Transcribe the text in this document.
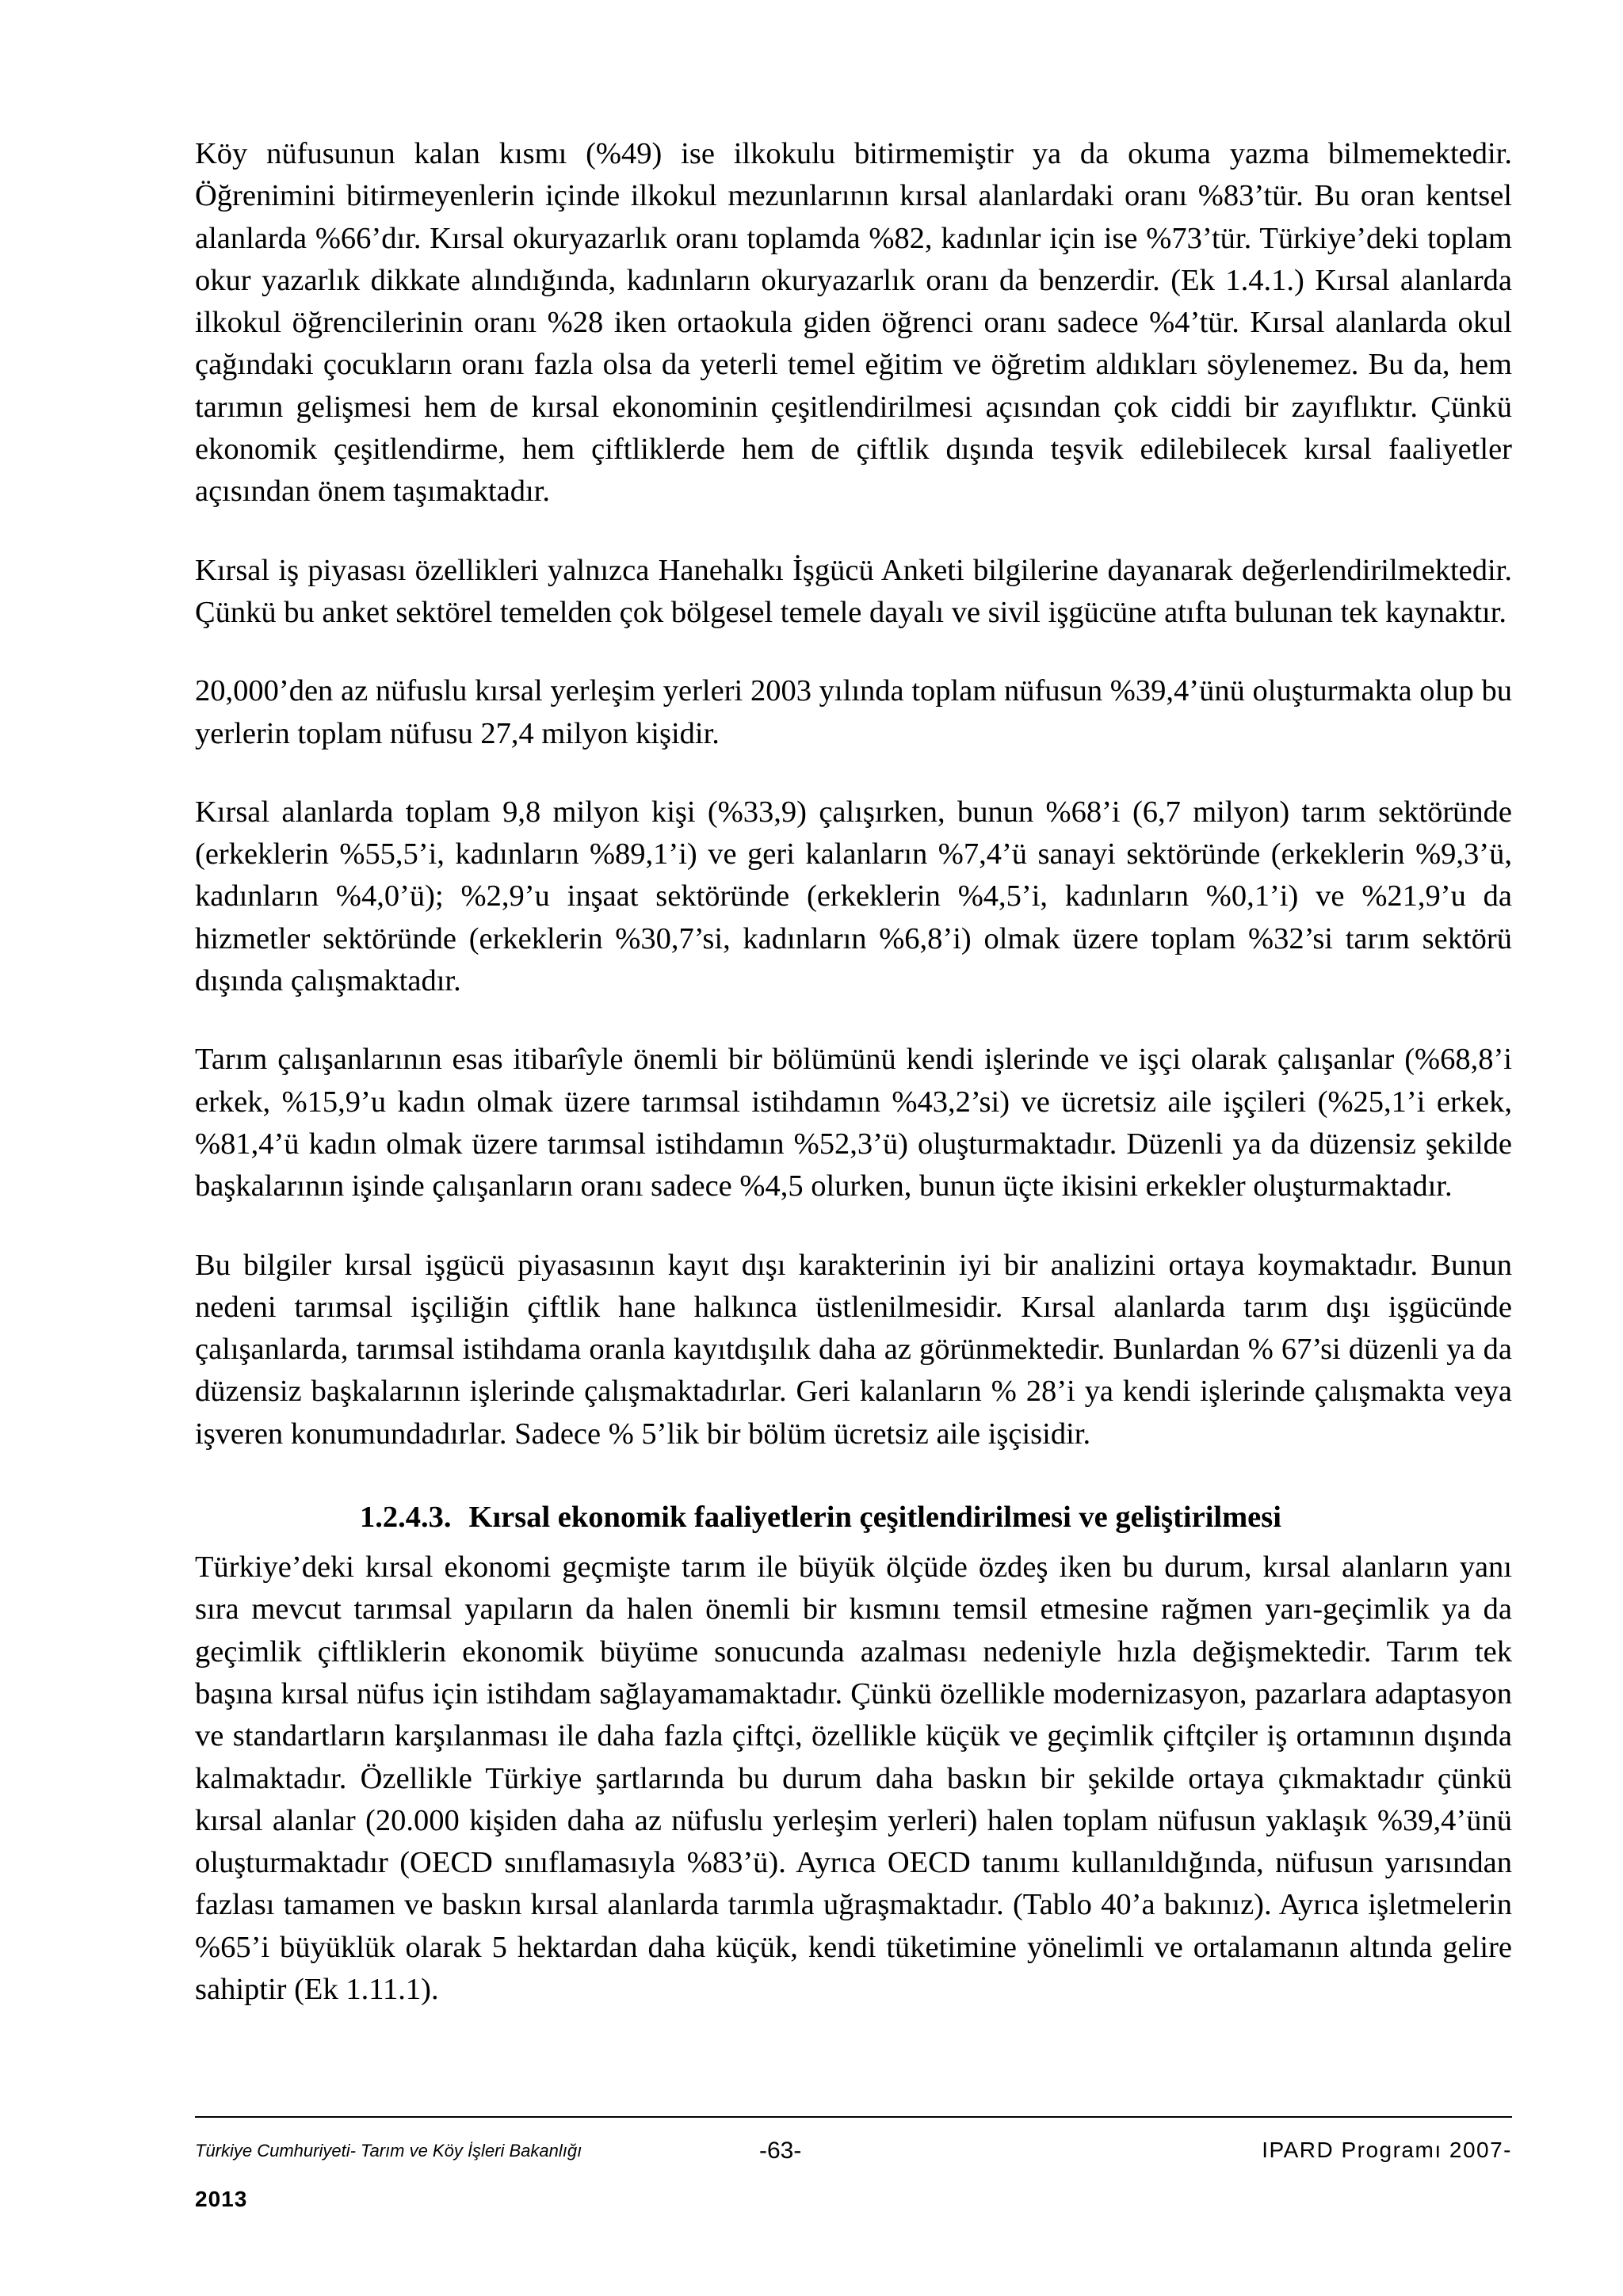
Köy nüfusunun kalan kısmı (%49) ise ilkokulu bitirmemiştir ya da okuma yazma bilmemektedir. Öğrenimini bitirmeyenlerin içinde ilkokul mezunlarının kırsal alanlardaki oranı %83’tür. Bu oran kentsel alanlarda %66’dır. Kırsal okuryazarlık oranı toplamda %82, kadınlar için ise %73’tür. Türkiye’deki toplam okur yazarlık dikkate alındığında, kadınların okuryazarlık oranı da benzerdir. (Ek 1.4.1.) Kırsal alanlarda ilkokul öğrencilerinin oranı %28 iken ortaokula giden öğrenci oranı sadece %4’tür. Kırsal alanlarda okul çağındaki çocukların oranı fazla olsa da yeterli temel eğitim ve öğretim aldıkları söylenemez. Bu da, hem tarımın gelişmesi hem de kırsal ekonominin çeşitlendirilmesi açısından çok ciddi bir zayıflıktır. Çünkü ekonomik çeşitlendirme, hem çiftliklerde hem de çiftlik dışında teşvik edilebilecek kırsal faaliyetler açısından önem taşımaktadır.

Kırsal iş piyasası özellikleri yalnızca Hanehalkı İşgücü Anketi bilgilerine dayanarak değerlendirilmektedir. Çünkü bu anket sektörel temelden çok bölgesel temele dayalı ve sivil işgücüne atıfta bulunan tek kaynaktır.

20,000’den az nüfuslu kırsal yerleşim yerleri 2003 yılında toplam nüfusun %39,4’ünü oluşturmakta olup bu yerlerin toplam nüfusu 27,4 milyon kişidir.

Kırsal alanlarda toplam 9,8 milyon kişi (%33,9) çalışırken, bunun %68’i (6,7 milyon) tarım sektöründe (erkeklerin %55,5’i, kadınların %89,1’i) ve geri kalanların %7,4’ü sanayi sektöründe (erkeklerin %9,3’ü, kadınların %4,0’ü); %2,9’u inşaat sektöründe (erkeklerin %4,5’i, kadınların %0,1’i) ve %21,9’u da hizmetler sektöründe (erkeklerin %30,7’si, kadınların %6,8’i) olmak üzere toplam %32’si tarım sektörü dışında çalışmaktadır.

Tarım çalışanlarının esas itibarîyle önemli bir bölümünü kendi işlerinde ve işçi olarak çalışanlar (%68,8’i erkek, %15,9’u kadın olmak üzere tarımsal istihdamın %43,2’si) ve ücretsiz aile işçileri (%25,1’i erkek, %81,4’ü kadın olmak üzere tarımsal istihdamın %52,3’ü) oluşturmaktadır. Düzenli ya da düzensiz şekilde başkalarının işinde çalışanların oranı sadece %4,5 olurken, bunun üçte ikisini erkekler oluşturmaktadır.

Bu bilgiler kırsal işgücü piyasasının kayıt dışı karakterinin iyi bir analizini ortaya koymaktadır. Bunun nedeni tarımsal işçiliğin çiftlik hane halkınca üstlenilmesidir. Kırsal alanlarda tarım dışı işgücünde çalışanlarda, tarımsal istihdama oranla kayıtdışılık daha az görünmektedir. Bunlardan % 67’si düzenli ya da düzensiz başkalarının işlerinde çalışmaktadırlar. Geri kalanların % 28’i ya kendi işlerinde çalışmakta veya işveren konumundadırlar. Sadece % 5’lik bir bölüm ücretsiz aile işçisidir.

1.2.4.3. Kırsal ekonomik faaliyetlerin çeşitlendirilmesi ve geliştirilmesi

Türkiye’deki kırsal ekonomi geçmişte tarım ile büyük ölçüde özdeş iken bu durum, kırsal alanların yanı sıra mevcut tarımsal yapıların da halen önemli bir kısmını temsil etmesine rağmen yarı-geçimlik ya da geçimlik çiftliklerin ekonomik büyüme sonucunda azalması nedeniyle hızla değişmektedir. Tarım tek başına kırsal nüfus için istihdam sağlayamamaktadır. Çünkü özellikle modernizasyon, pazarlara adaptasyon ve standartların karşılanması ile daha fazla çiftçi, özellikle küçük ve geçimlik çiftçiler iş ortamının dışında kalmaktadır. Özellikle Türkiye şartlarında bu durum daha baskın bir şekilde ortaya çıkmaktadır çünkü kırsal alanlar (20.000 kişiden daha az nüfuslu yerleşim yerleri) halen toplam nüfusun yaklaşık %39,4’ünü oluşturmaktadır (OECD sınıflamasıyla %83’ü). Ayrıca OECD tanımı kullanıldığında, nüfusun yarısından fazlası tamamen ve baskın kırsal alanlarda tarımla uğraşmaktadır. (Tablo 40’a bakınız). Ayrıca işletmelerin %65’i büyüklük olarak 5 hektardan daha küçük, kendi tüketimine yönelimli ve ortalamanın altında gelire sahiptir (Ek 1.11.1).

Türkiye Cumhuriyeti- Tarım ve Köy İşleri Bakanlığı	-63-	IPARD Programı 2007-
2013
